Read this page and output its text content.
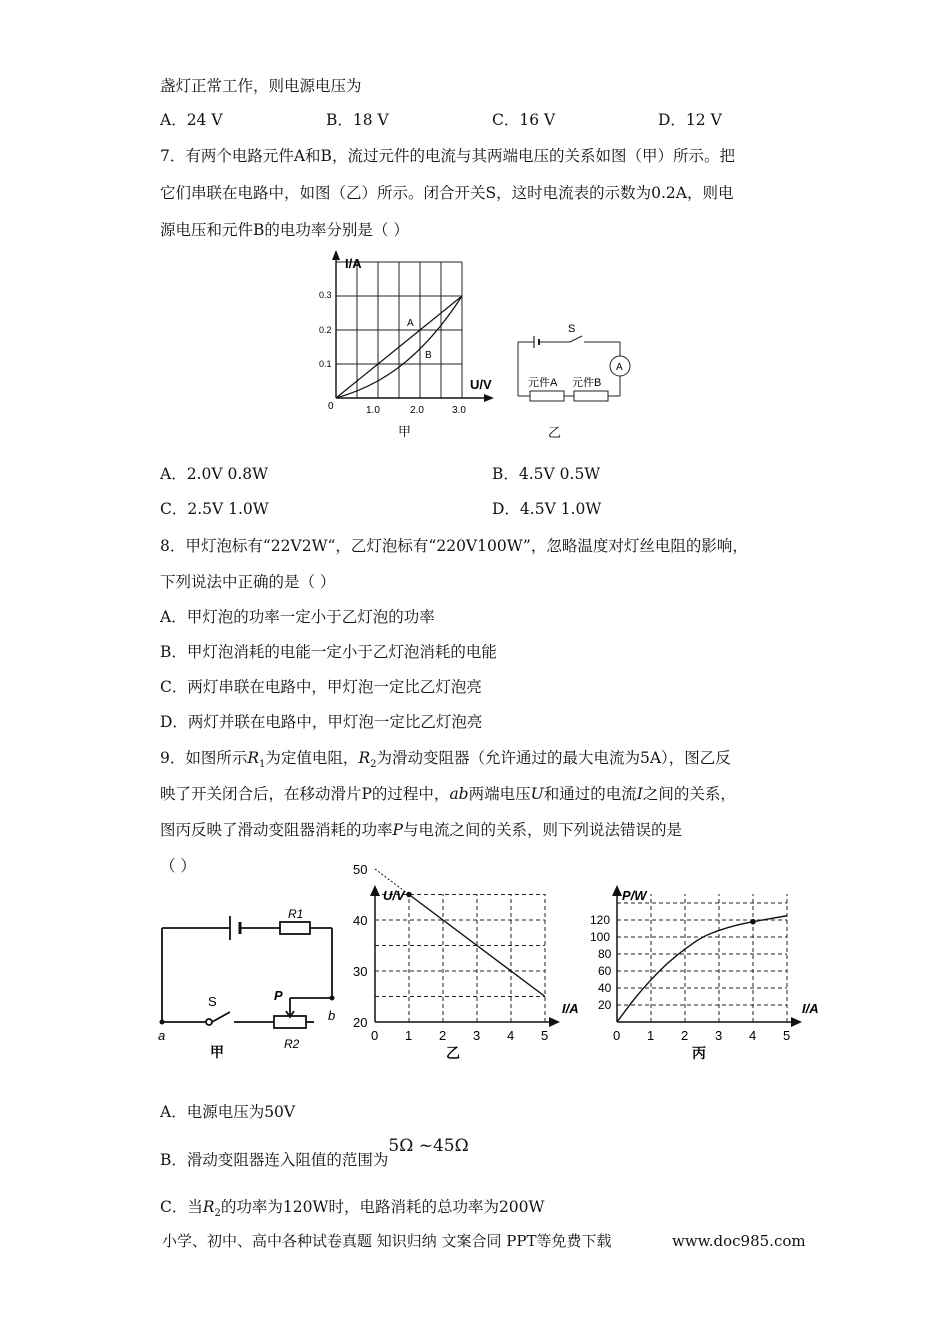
盏灯正常工作，则电源电压为
A．24 V	B．18 V	C．16 V	D．12 V
7．有两个电路元件A和B，流过元件的电流与其两端电压的关系如图（甲）所示。把
它们串联在电路中，如图（乙）所示。闭合开关S，这时电流表的示数为0.2A，则电
源电压和元件B的电功率分别是（ ）
I/A
U/V
0.3
0.2
0.1
0	1.0	2.0	3.0
A
B
甲
S
A
元件A 元件B
乙
A．2.0V 0.8W	B．4.5V 0.5W
C．2.5V 1.0W	D．4.5V 1.0W
8．甲灯泡标有“22V2W“，乙灯泡标有“220V100W”，忽略温度对灯丝电阻的影响，
下列说法中正确的是（ ）
A．甲灯泡的功率一定小于乙灯泡的功率
B．甲灯泡消耗的电能一定小于乙灯泡消耗的电能
C．两灯串联在电路中，甲灯泡一定比乙灯泡亮
D．两灯并联在电路中，甲灯泡一定比乙灯泡亮
9．如图所示$R_1$为定值电阻，$R_2$为滑动变阻器（允许通过的最大电流为5A），图乙反
映了开关闭合后，在移动滑片P的过程中，ab两端电压U和通过的电流I之间的关系，
图丙反映了滑动变阻器消耗的功率P与电流之间的关系，则下列说法错误的是
（ ）
R1
P
S
a
b
R2
甲
U/V
I/A
50
40
30
20
0 1 2 3 4 5
乙
P/W
I/A
120
100
80
60
40
20
0 1 2 3 4 5
丙
A．电源电压为50V
B．滑动变阻器连入阻值的范围为5Ω ~45Ω
C．当$R_2$的功率为120W时，电路消耗的总功率为200W
小学、初中、高中各种试卷真题 知识归纳 文案合同 PPT等免费下载	www.doc985.com
